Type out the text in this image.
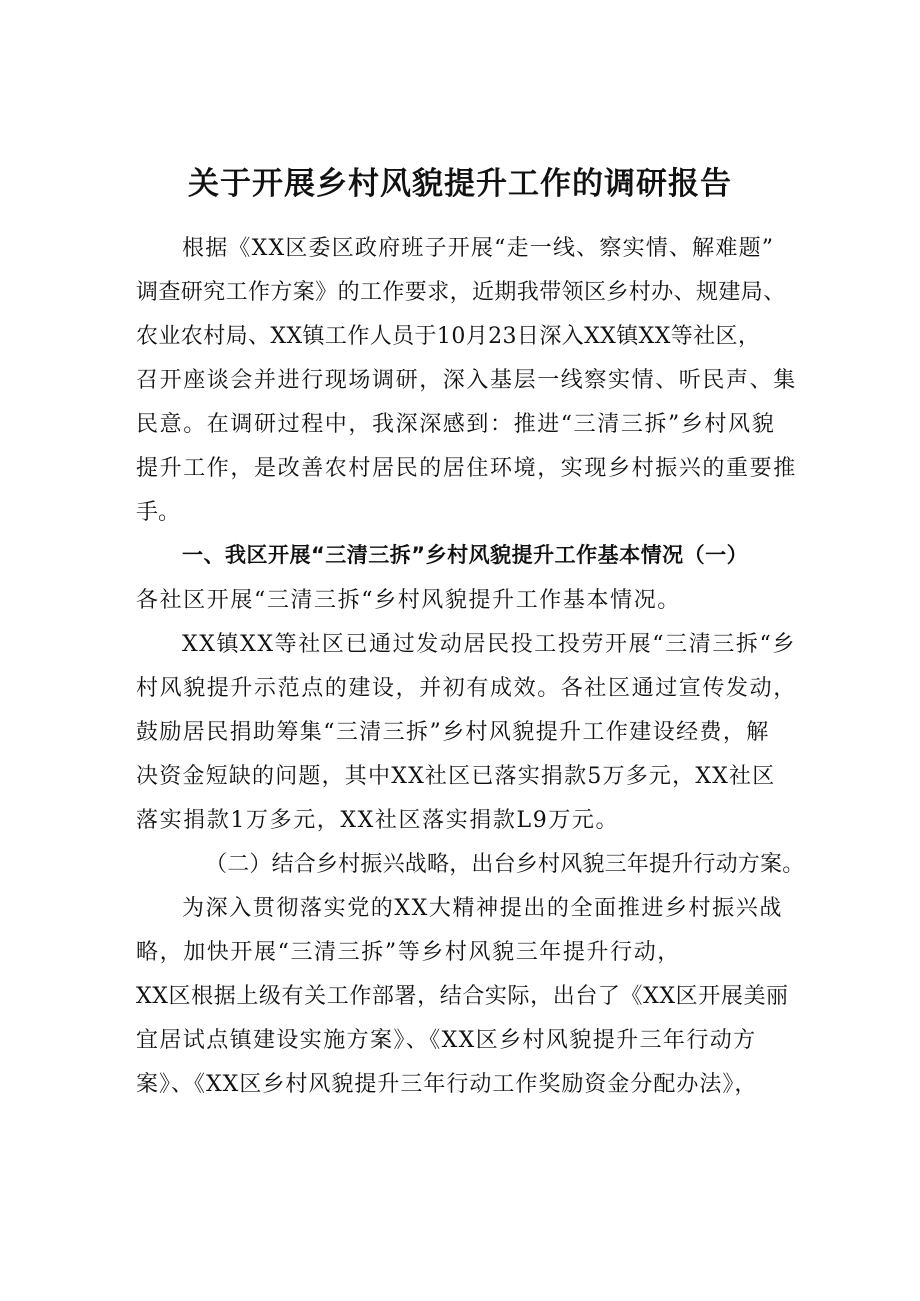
关于开展乡村风貌提升工作的调研报告
根据《XX区委区政府班子开展“走一线、察实情、解难题”
调查研究工作方案》的工作要求，近期我带领区乡村办、规建局、
农业农村局、XX镇工作人员于10月23日深入XX镇XX等社区，
召开座谈会并进行现场调研，深入基层一线察实情、听民声、集
民意。在调研过程中，我深深感到：推进“三清三拆”乡村风貌
提升工作，是改善农村居民的居住环境，实现乡村振兴的重要推
手。
一、我区开展“三清三拆”乡村风貌提升工作基本情况（一）
各社区开展“三清三拆“乡村风貌提升工作基本情况。
XX镇XX等社区已通过发动居民投工投劳开展“三清三拆“乡
村风貌提升示范点的建设，并初有成效。各社区通过宣传发动，
鼓励居民捐助筹集“三清三拆”乡村风貌提升工作建设经费，解
决资金短缺的问题，其中XX社区已落实捐款5万多元，XX社区
落实捐款1万多元，XX社区落实捐款L9万元。
（二）结合乡村振兴战略，出台乡村风貌三年提升行动方案。
为深入贯彻落实党的XX大精神提出的全面推进乡村振兴战
略，加快开展“三清三拆”等乡村风貌三年提升行动，
XX区根据上级有关工作部署，结合实际，出台了《XX区开展美丽
宜居试点镇建设实施方案》、《XX区乡村风貌提升三年行动方
案》、《XX区乡村风貌提升三年行动工作奖励资金分配办法》，
